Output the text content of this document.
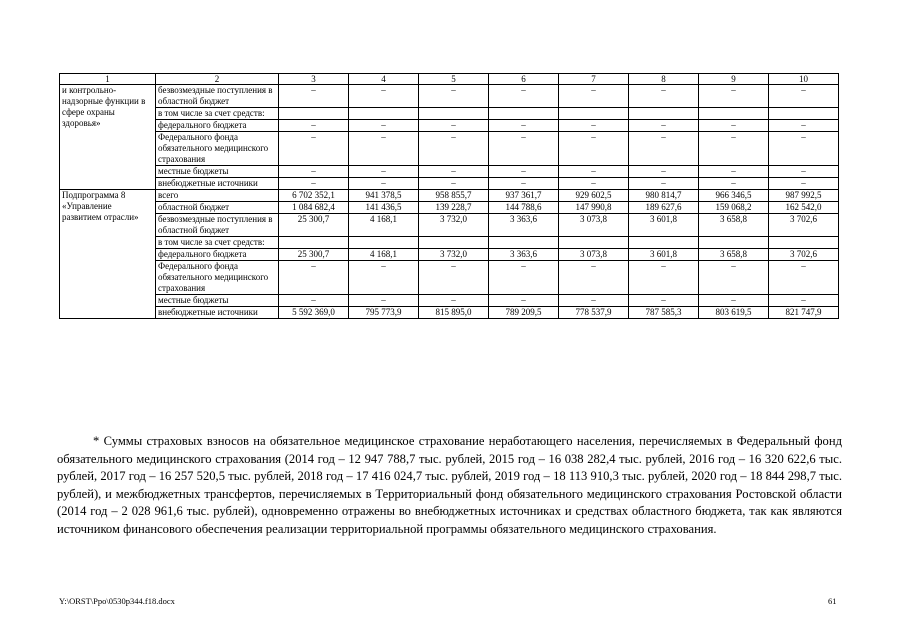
1	2	3	4	5	6	7	8	9	10
и контрольно-надзорные функции в сфере охраны здоровья»	безвозмездные поступления в областной бюджет	–	–	–	–	–	–	–	–
	в том числе за счет средств:								
	федерального бюджета	–	–	–	–	–	–	–	–
	Федерального фонда обязательного медицинского страхования	–	–	–	–	–	–	–	–
	местные бюджеты	–	–	–	–	–	–	–	–
	внебюджетные источники	–	–	–	–	–	–	–	–
Подпрограмма 8 «Управление развитием отрасли»	всего	6 702 352,1	941 378,5	958 855,7	937 361,7	929 602,5	980 814,7	966 346,5	987 992,5
	областной бюджет	1 084 682,4	141 436,5	139 228,7	144 788,6	147 990,8	189 627,6	159 068,2	162 542,0
	безвозмездные поступления в областной бюджет	25 300,7	4 168,1	3 732,0	3 363,6	3 073,8	3 601,8	3 658,8	3 702,6
	в том числе за счет средств:								
	федерального бюджета	25 300,7	4 168,1	3 732,0	3 363,6	3 073,8	3 601,8	3 658,8	3 702,6
	Федерального фонда обязательного медицинского страхования	–	–	–	–	–	–	–	–
	местные бюджеты	–	–	–	–	–	–	–	–
	внебюджетные источники	5 592 369,0	795 773,9	815 895,0	789 209,5	778 537,9	787 585,3	803 619,5	821 747,9

* Суммы страховых взносов на обязательное медицинское страхование неработающего населения, перечисляемых в Федеральный фонд обязательного медицинского страхования (2014 год – 12 947 788,7 тыс. рублей, 2015 год – 16 038 282,4 тыс. рублей, 2016 год – 16 320 622,6 тыс. рублей, 2017 год – 16 257 520,5 тыс. рублей, 2018 год – 17 416 024,7 тыс. рублей, 2019 год – 18 113 910,3 тыс. рублей, 2020 год – 18 844 298,7 тыс. рублей), и межбюджетных трансфертов, перечисляемых в Территориальный фонд обязательного медицинского страхования Ростовской области (2014 год – 2 028 961,6 тыс. рублей), одновременно отражены во внебюджетных источниках и средствах областного бюджета, так как являются источником финансового обеспечения реализации территориальной программы обязательного медицинского страхования.

Y:\ORST\Ppo\0530p344.f18.docx	61
